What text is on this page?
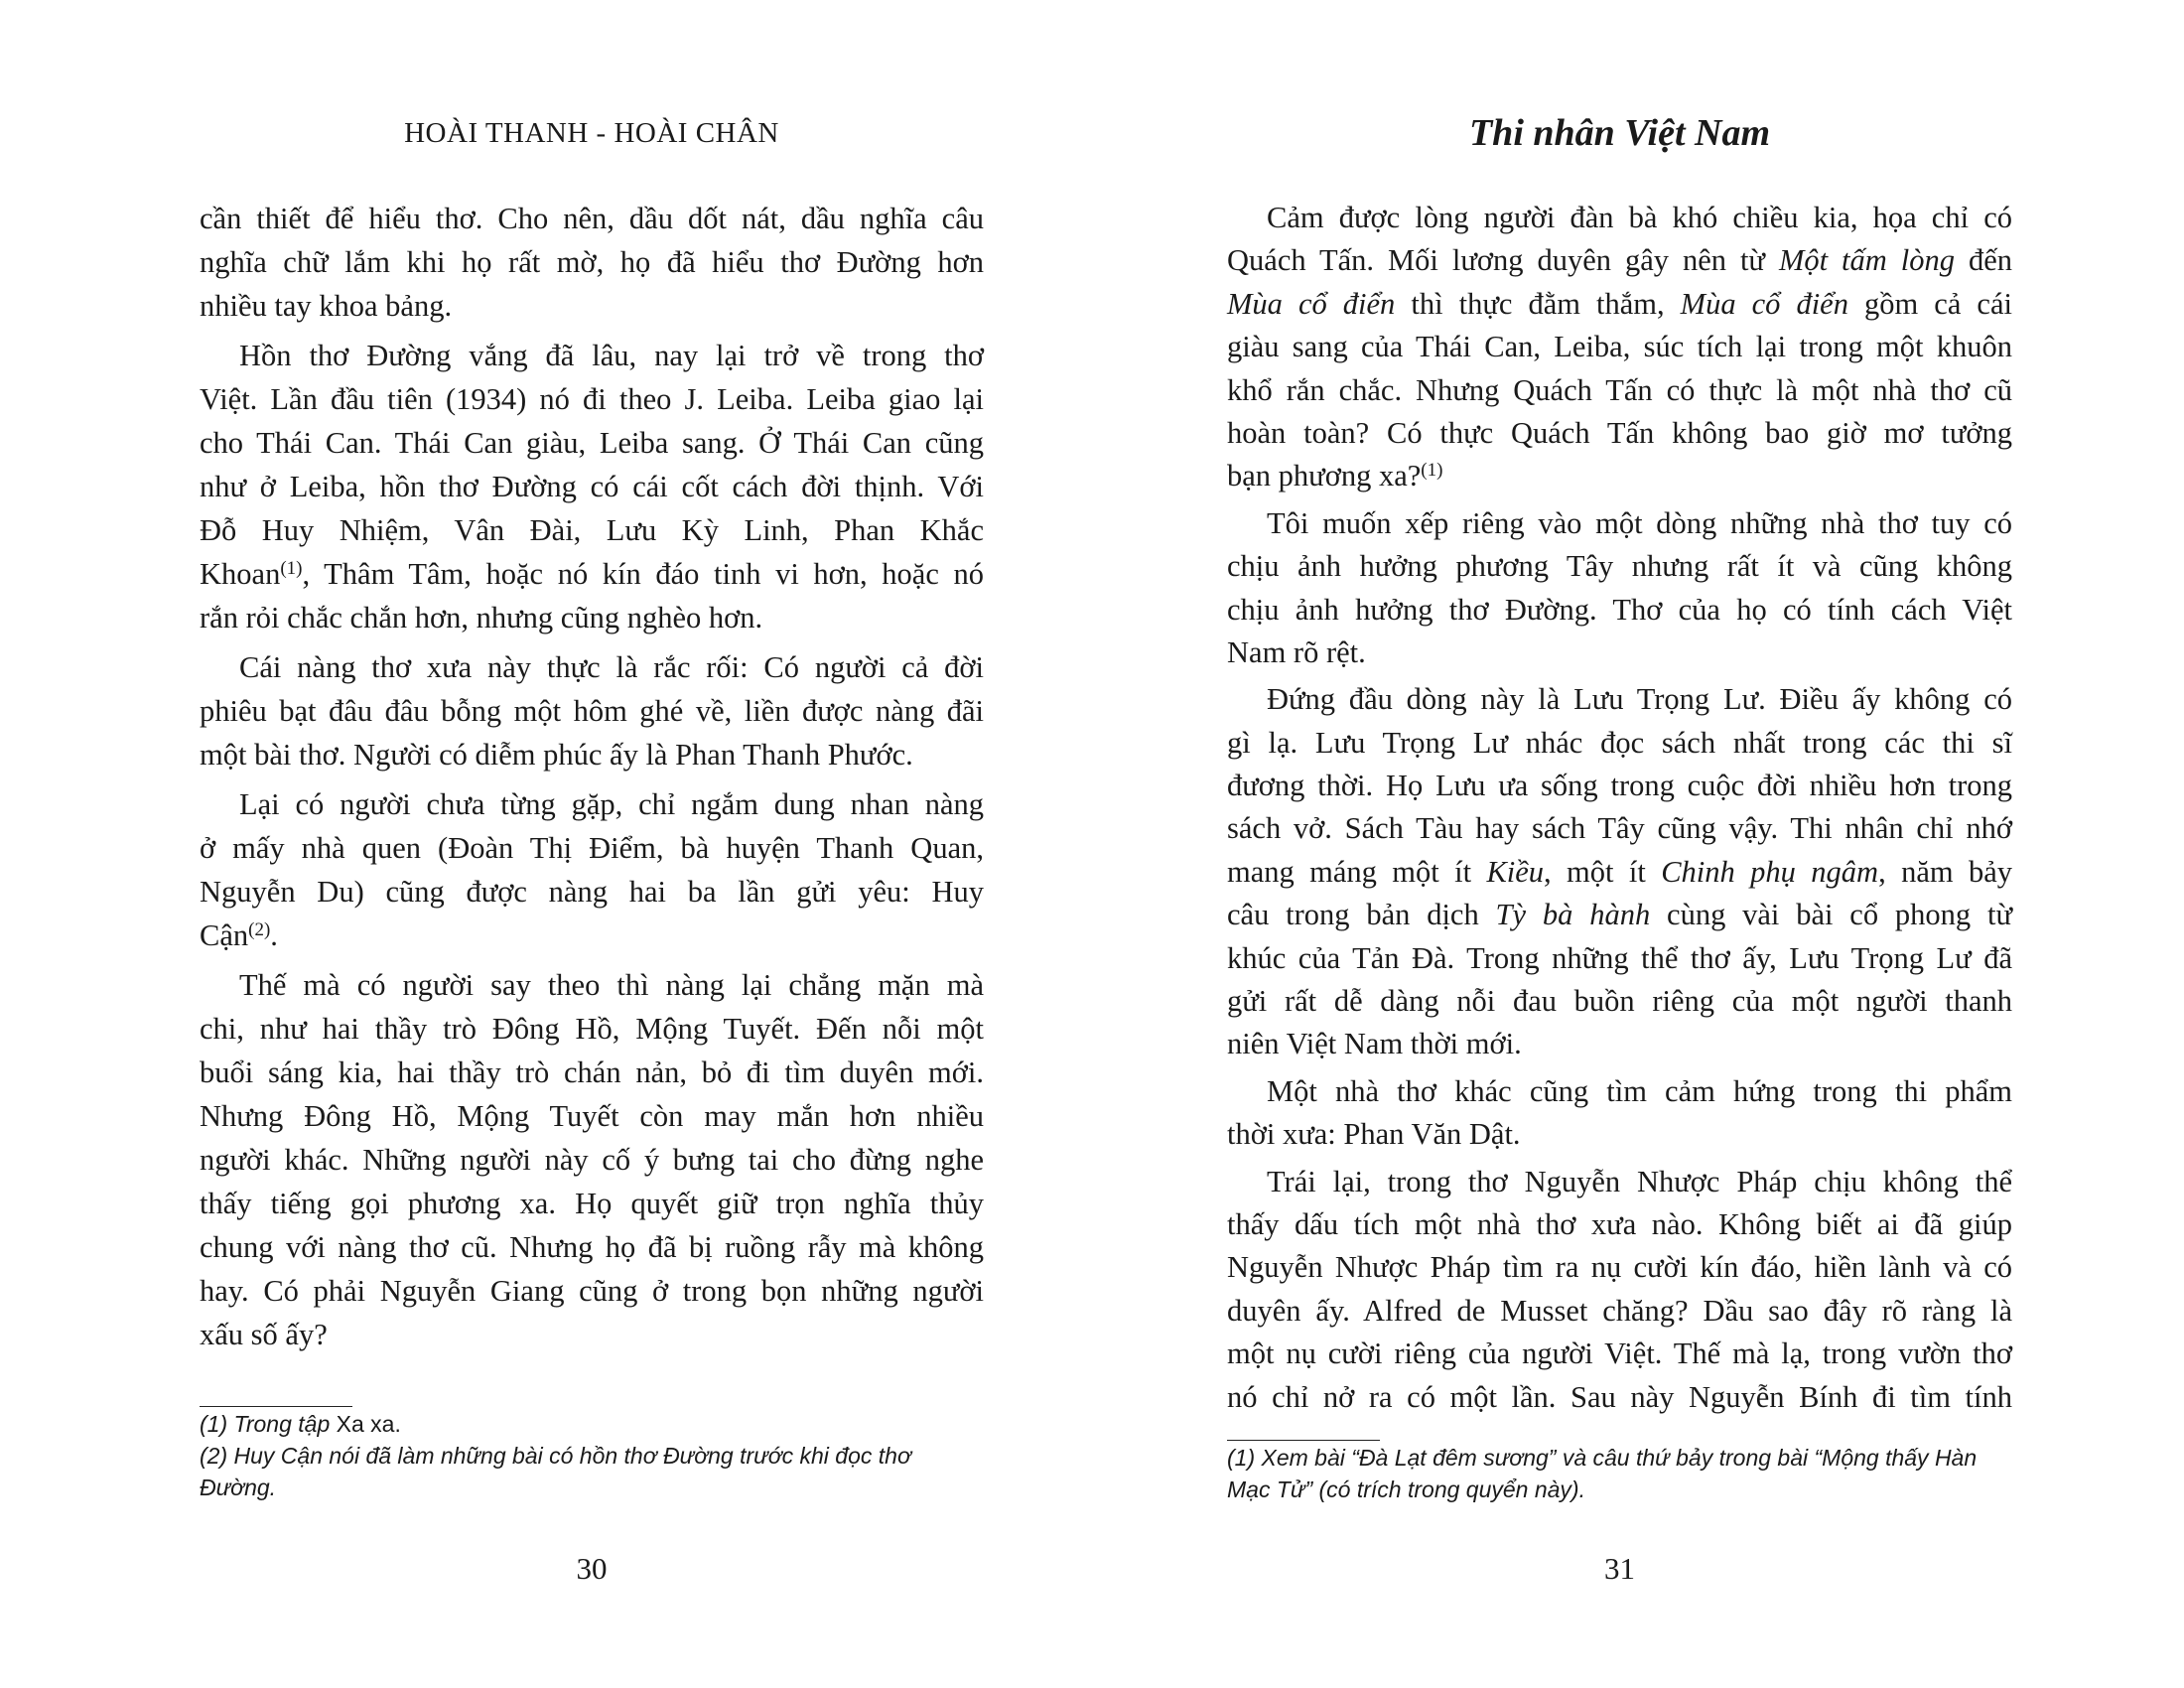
HOÀI THANH - HOÀI CHÂN
cần thiết để hiểu thơ. Cho nên, dầu dốt nát, dầu nghĩa câu
nghĩa chữ lắm khi họ rất mờ, họ đã hiểu thơ Đường hơn
nhiều tay khoa bảng.
Hồn thơ Đường vắng đã lâu, nay lại trở về trong thơ
Việt. Lần đầu tiên (1934) nó đi theo J. Leiba. Leiba giao lại
cho Thái Can. Thái Can giàu, Leiba sang. Ở Thái Can cũng
như ở Leiba, hồn thơ Đường có cái cốt cách đời thịnh. Với
Đỗ Huy Nhiệm, Vân Đài, Lưu Kỳ Linh, Phan Khắc
Khoan$^{(1)}$, Thâm Tâm, hoặc nó kín đáo tinh vi hơn, hoặc nó
rắn rỏi chắc chắn hơn, nhưng cũng nghèo hơn.
Cái nàng thơ xưa này thực là rắc rối: Có người cả đời
phiêu bạt đâu đâu bỗng một hôm ghé về, liền được nàng đãi
một bài thơ. Người có diễm phúc ấy là Phan Thanh Phước.
Lại có người chưa từng gặp, chỉ ngắm dung nhan nàng
ở mấy nhà quen (Đoàn Thị Điểm, bà huyện Thanh Quan,
Nguyễn Du) cũng được nàng hai ba lần gửi yêu: Huy
Cận$^{(2)}$.
Thế mà có người say theo thì nàng lại chẳng mặn mà
chi, như hai thầy trò Đông Hồ, Mộng Tuyết. Đến nỗi một
buổi sáng kia, hai thầy trò chán nản, bỏ đi tìm duyên mới.
Nhưng Đông Hồ, Mộng Tuyết còn may mắn hơn nhiều
người khác. Những người này cố ý bưng tai cho đừng nghe
thấy tiếng gọi phương xa. Họ quyết giữ trọn nghĩa thủy
chung với nàng thơ cũ. Nhưng họ đã bị ruồng rẫy mà không
hay. Có phải Nguyễn Giang cũng ở trong bọn những người
xấu số ấy?
(1) Trong tập Xa xa.
(2) Huy Cận nói đã làm những bài có hồn thơ Đường trước khi đọc thơ Đường.
30
Thi nhân Việt Nam
Cảm được lòng người đàn bà khó chiều kia, họa chỉ có
Quách Tấn. Mối lương duyên gây nên từ Một tấm lòng đến
Mùa cổ điển thì thực đằm thắm, Mùa cổ điển gồm cả cái
giàu sang của Thái Can, Leiba, súc tích lại trong một khuôn
khổ rắn chắc. Nhưng Quách Tấn có thực là một nhà thơ cũ
hoàn toàn? Có thực Quách Tấn không bao giờ mơ tưởng
bạn phương xa?$^{(1)}$
Tôi muốn xếp riêng vào một dòng những nhà thơ tuy có
chịu ảnh hưởng phương Tây nhưng rất ít và cũng không
chịu ảnh hưởng thơ Đường. Thơ của họ có tính cách Việt
Nam rõ rệt.
Đứng đầu dòng này là Lưu Trọng Lư. Điều ấy không có
gì lạ. Lưu Trọng Lư nhác đọc sách nhất trong các thi sĩ
đương thời. Họ Lưu ưa sống trong cuộc đời nhiều hơn trong
sách vở. Sách Tàu hay sách Tây cũng vậy. Thi nhân chỉ nhớ
mang máng một ít Kiều, một ít Chinh phụ ngâm, năm bảy
câu trong bản dịch Tỳ bà hành cùng vài bài cổ phong từ
khúc của Tản Đà. Trong những thể thơ ấy, Lưu Trọng Lư đã
gửi rất dễ dàng nỗi đau buồn riêng của một người thanh
niên Việt Nam thời mới.
Một nhà thơ khác cũng tìm cảm hứng trong thi phẩm
thời xưa: Phan Văn Dật.
Trái lại, trong thơ Nguyễn Nhược Pháp chịu không thể
thấy dấu tích một nhà thơ xưa nào. Không biết ai đã giúp
Nguyễn Nhược Pháp tìm ra nụ cười kín đáo, hiền lành và có
duyên ấy. Alfred de Musset chăng? Dầu sao đây rõ ràng là
một nụ cười riêng của người Việt. Thế mà lạ, trong vườn thơ
nó chỉ nở ra có một lần. Sau này Nguyễn Bính đi tìm tính
(1) Xem bài “Đà Lạt đêm sương” và câu thứ bảy trong bài “Mộng thấy Hàn Mạc Tử” (có trích trong quyển này).
31
